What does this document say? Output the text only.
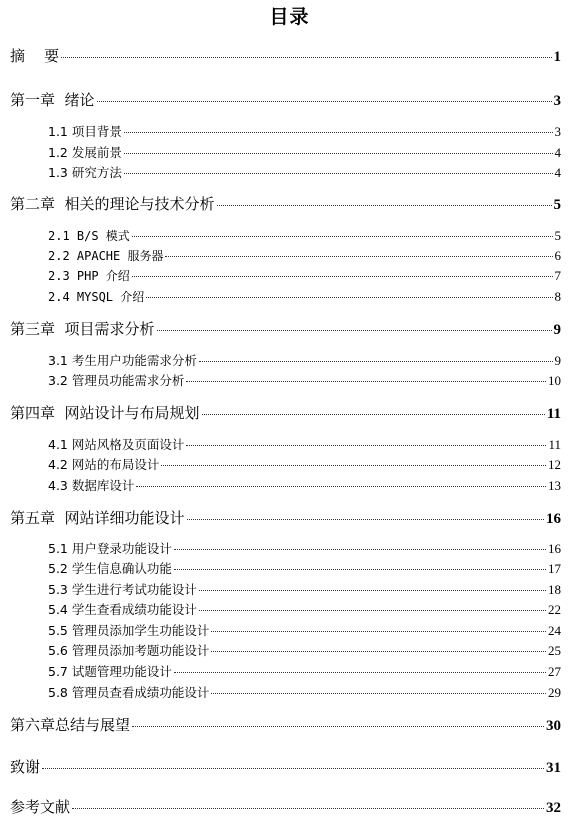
目录
摘    要	1
第一章  绪论	3
1.1 项目背景	3
1.2 发展前景	4
1.3 研究方法	4
第二章  相关的理论与技术分析	5
2.1 B/S 模式	5
2.2 APACHE 服务器	6
2.3 PHP 介绍	7
2.4 MYSQL 介绍	8
第三章  项目需求分析	9
3.1 考生用户功能需求分析	9
3.2 管理员功能需求分析	10
第四章  网站设计与布局规划	11
4.1 网站风格及页面设计	11
4.2 网站的布局设计	12
4.3 数据库设计	13
第五章  网站详细功能设计	16
5.1 用户登录功能设计	16
5.2 学生信息确认功能	17
5.3 学生进行考试功能设计	18
5.4 学生查看成绩功能设计	22
5.5 管理员添加学生功能设计	24
5.6 管理员添加考题功能设计	25
5.7 试题管理功能设计	27
5.8 管理员查看成绩功能设计	29
第六章总结与展望	30
致谢	31
参考文献	32
